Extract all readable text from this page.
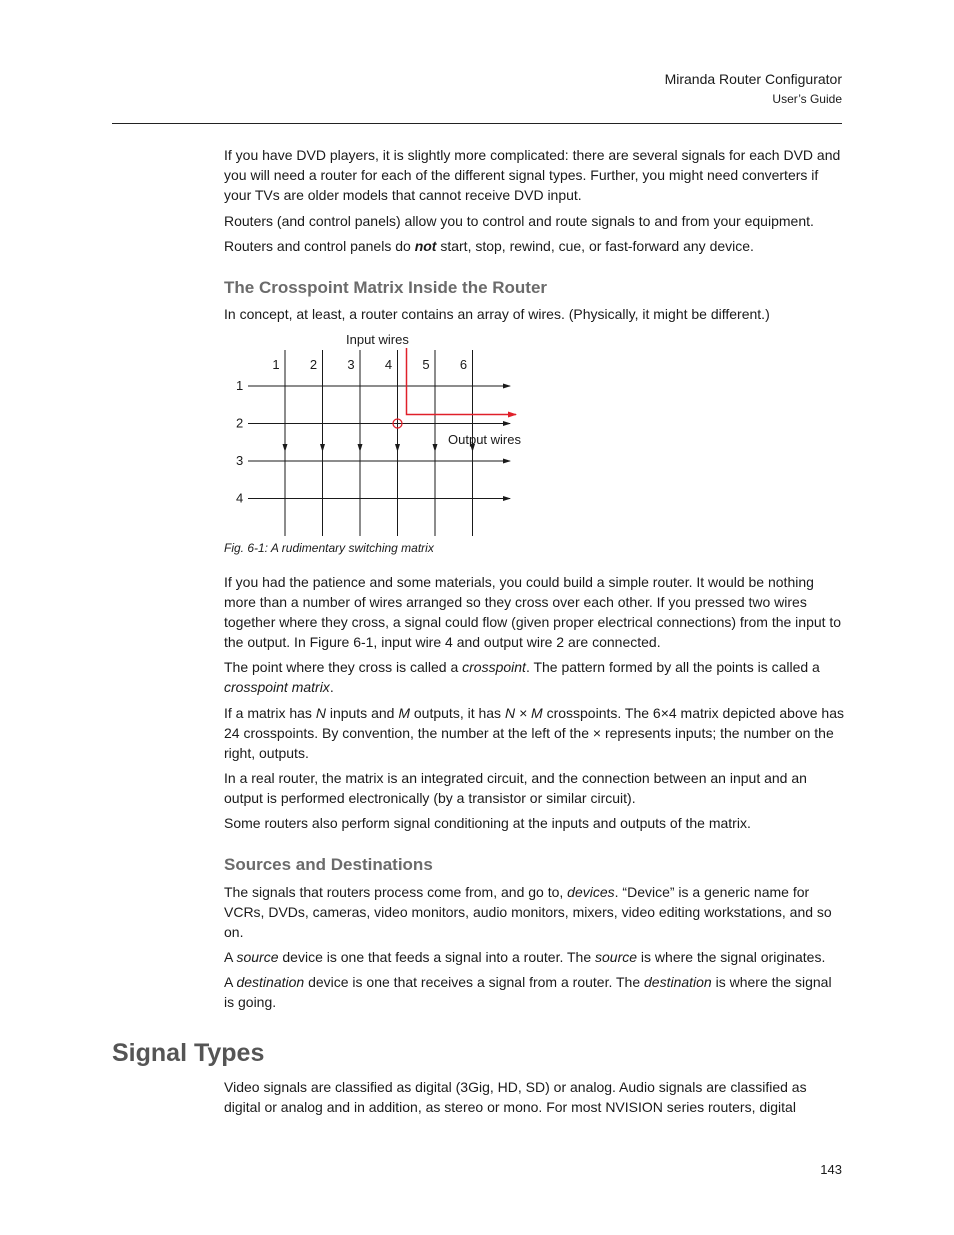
Miranda Router Configurator
User’s Guide

If you have DVD players, it is slightly more complicated: there are several signals for each DVD and you will need a router for each of the different signal types. Further, you might need converters if your TVs are older models that cannot receive DVD input.

Routers (and control panels) allow you to control and route signals to and from your equipment.

Routers and control panels do not start, stop, rewind, cue, or fast-forward any device.

The Crosspoint Matrix Inside the Router

In concept, at least, a router contains an array of wires. (Physically, it might be different.)

Input wires
Output wires
1 2 3 4 5 6
1
2
3
4
Fig. 6-1: A rudimentary switching matrix

If you had the patience and some materials, you could build a simple router. It would be nothing more than a number of wires arranged so they cross over each other. If you pressed two wires together where they cross, a signal could flow (given proper electrical connections) from the input to the output. In Figure 6-1, input wire 4 and output wire 2 are connected.

The point where they cross is called a crosspoint. The pattern formed by all the points is called a crosspoint matrix.

If a matrix has N inputs and M outputs, it has N × M crosspoints. The 6×4 matrix depicted above has 24 crosspoints. By convention, the number at the left of the × represents inputs; the number on the right, outputs.

In a real router, the matrix is an integrated circuit, and the connection between an input and an output is performed electronically (by a transistor or similar circuit).

Some routers also perform signal conditioning at the inputs and outputs of the matrix.

Sources and Destinations

The signals that routers process come from, and go to, devices. “Device” is a generic name for VCRs, DVDs, cameras, video monitors, audio monitors, mixers, video editing workstations, and so on.

A source device is one that feeds a signal into a router. The source is where the signal originates.

A destination device is one that receives a signal from a router. The destination is where the signal is going.

Signal Types

Video signals are classified as digital (3Gig, HD, SD) or analog. Audio signals are classified as digital or analog and in addition, as stereo or mono. For most NVISION series routers, digital

143
